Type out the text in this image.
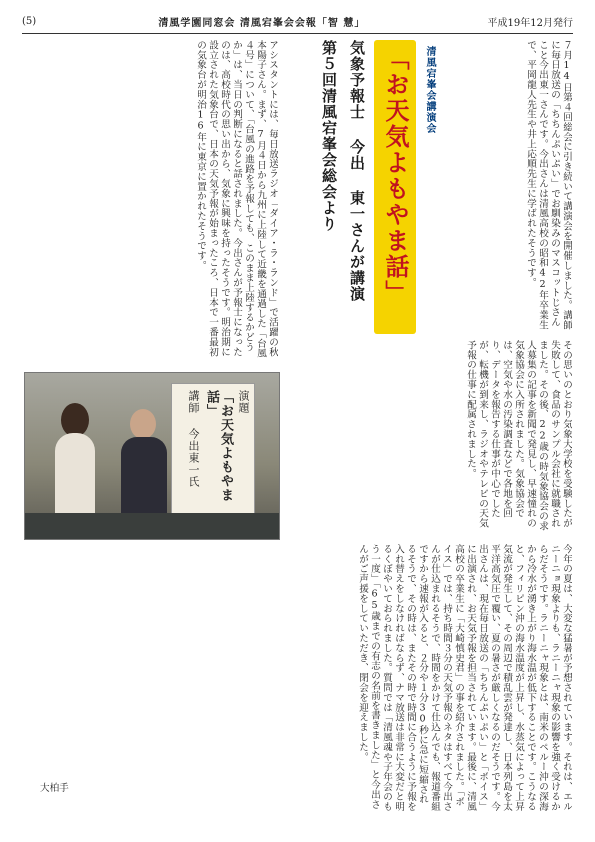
(5)	清風学園同窓会 清風宕峯会会報「智 慧」	平成19年12月発行
清風宕峯会講演会
「お天気よもやま話」
気象予報士 今出 東一さんが講演
第５回清風宕峯会総会より	７月14日第４回総会に引き続いて講演会を開催しました。講師に毎日放送の「ちちんぷいぷい」でお馴染みのマスコットじさんこと今出東一さんです。今出さんは清風高校の昭和42年卒業生で、平岡龍人先生や井上応順先生に学ばれたそうです。
アシスタントには、毎日放送ラジオ「ダイア・ラ・ランド」で活躍の秋本陽子さん。まず、7月４日から九州に上陸して近畿を通過した「台風４号」について、「台風の進路を予報しても、このまま上陸するかどうか」は、当日の判断になると話されました。今出さんが予報士になったのは、高校時代の思い出から、気象に興味を持ったそうです。明治期に設立された気象台で、日本の天気予報が始まったころ、日本で一番最初の気象台が明治16年に東京に置かれたそうです。
その思いのとおり気象大学校を受験したが失敗して、食品のサンプル会社に就職されました。その後、22歳の時気象協会の求人募集の記事を新聞で発見し、早速憧れの気象協会に入所されました。気象協会では、空気や水の汚染調査などで各地を回り、データを報告する仕事が中心でしたが、転機が到来し、ラジオやテレビの天気予報の仕事に配属されました。
演題
「お天気よもやま話」
講師 今出東一氏
今年の夏は、大変な猛暑が予想されています。それは、エルニーニョ現象よりも、ラニーニャ現象の影響を強く受けるからだそうです。ラニーニャ現象とは、南米のペルー沖の深海から冷水が湧き上がり海水温が低下することです。こうなると、フィリピン沖の海水温度が上昇し、水蒸気によって上昇気流が発生して、その周辺で積乱雲が発達し、日本列島を太平洋高気圧で覆い、夏の暑さが厳しくなるのだそうです。今出さんは、現在毎日放送の「ちちんぷいぷい」と「ボイス」に出演され、お天気予報を担当されています。最後に、清風高校の卒業生に「大崎慎史君」の事を紹介されました。「ボイス」では、持ち時間３分の天気予報のネタはすべて今出さんが仕込まれるそうで、時間をかけて仕込んでも、報道番組ですから速報が入ると、２分や１分30秒に急に短縮されるそうで、その時は、またその時で時間に合うように予報を入れ替えをしなければならず、ナマ放送は非常に大変だと明るくぼやいておられました。質問では「清風魂や子年会のもう一度」「65歳までの有志の名前を書きました」と今出さんがご声援をしていただき、閉会を迎えました。
大柏手
